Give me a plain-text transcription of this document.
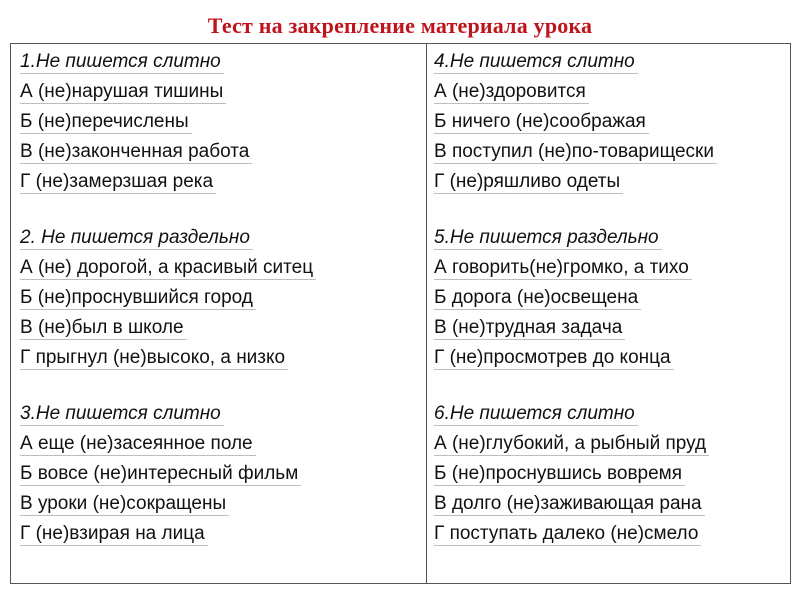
Тест на закрепление материала урока
1.Не пишется слитно
А (не)нарушая тишины
Б (не)перечислены
В (не)законченная работа
Г (не)замерзшая река
2. Не пишется раздельно
А (не) дорогой, а красивый ситец
Б (не)проснувшийся город
В (не)был в школе
Г прыгнул (не)высоко, а низко
3.Не пишется слитно
А еще (не)засеянное поле
Б вовсе (не)интересный фильм
В уроки (не)сокращены
Г (не)взирая на лица
4.Не пишется слитно
А (не)здоровится
Б ничего (не)соображая
В поступил (не)по-товарищески
Г (не)ряшливо одеты
5.Не пишется раздельно
А говорить(не)громко, а тихо
Б дорога (не)освещена
В (не)трудная задача
Г (не)просмотрев до конца
6.Не пишется слитно
А (не)глубокий, а рыбный пруд
Б (не)проснувшись вовремя
В долго (не)заживающая рана
Г поступать далеко (не)смело
